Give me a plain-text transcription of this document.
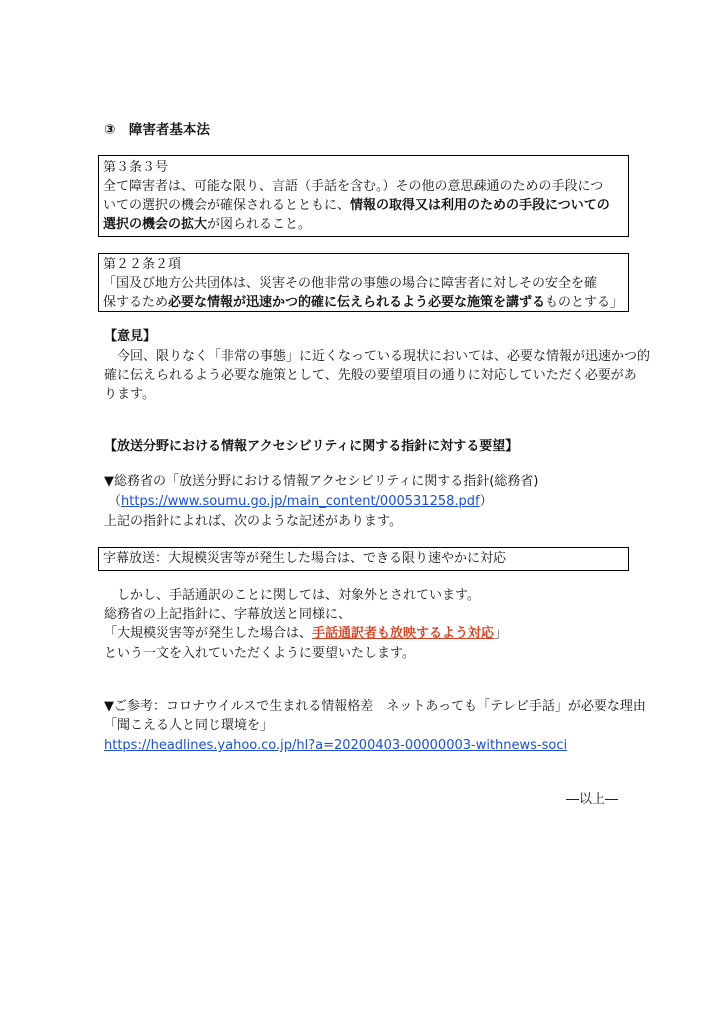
③　障害者基本法
第３条３号
全て障害者は、可能な限り、言語（手話を含む。）その他の意思疎通のための手段につ
いての選択の機会が確保されるとともに、情報の取得又は利用のための手段についての
選択の機会の拡大が図られること。
第２２条２項
「国及び地方公共団体は、災害その他非常の事態の場合に障害者に対しその安全を確
保するため必要な情報が迅速かつ的確に伝えられるよう必要な施策を講ずるものとする」
【意見】
　今回、限りなく「非常の事態」に近くなっている現状においては、必要な情報が迅速かつ的
確に伝えられるよう必要な施策として、先般の要望項目の通りに対応していただく必要があ
ります。
【放送分野における情報アクセシビリティに関する指針に対する要望】
▼総務省の「放送分野における情報アクセシビリティに関する指針(総務省)
（https://www.soumu.go.jp/main_content/000531258.pdf）
上記の指針によれば、次のような記述があります。
字幕放送：大規模災害等が発生した場合は、できる限り速やかに対応
　しかし、手話通訳のことに関しては、対象外とされています。
総務省の上記指針に、字幕放送と同様に、
「大規模災害等が発生した場合は、手話通訳者も放映するよう対応」
という一文を入れていただくように要望いたします。
▼ご参考：コロナウイルスで生まれる情報格差　ネットあっても「テレビ手話」が必要な理由
「聞こえる人と同じ環境を」
https://headlines.yahoo.co.jp/hl?a=20200403-00000003-withnews-soci
―以上―
